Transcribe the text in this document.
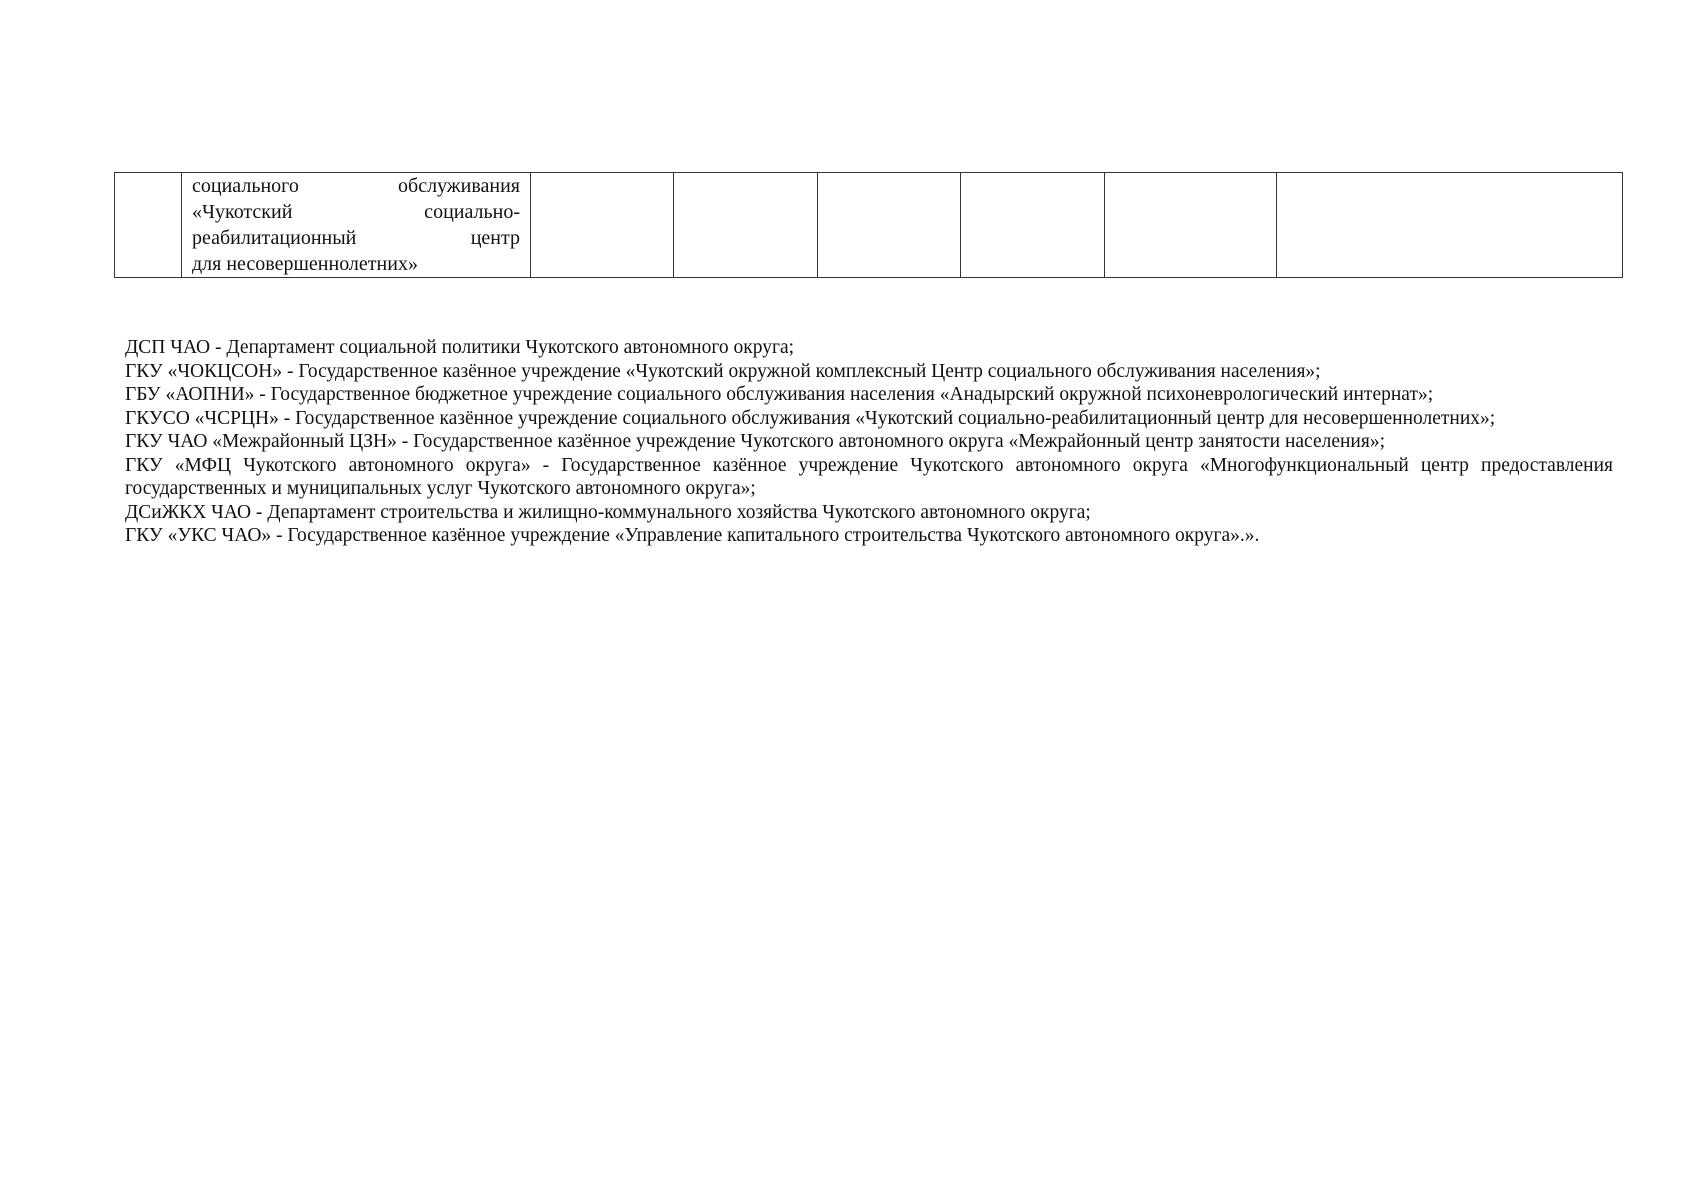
социального обслуживания
«Чукотский социально-
реабилитационный центр
для несовершеннолетних»

ДСП ЧАО - Департамент социальной политики Чукотского автономного округа;
ГКУ «ЧОКЦСОН» - Государственное казённое учреждение «Чукотский окружной комплексный Центр социального обслуживания населения»;
ГБУ «АОПНИ» - Государственное бюджетное учреждение социального обслуживания населения «Анадырский окружной психоневрологический интернат»;
ГКУСО «ЧСРЦН» - Государственное казённое учреждение социального обслуживания «Чукотский социально-реабилитационный центр для несовершеннолетних»;
ГКУ ЧАО «Межрайонный ЦЗН» - Государственное казённое учреждение Чукотского автономного округа «Межрайонный центр занятости населения»;
ГКУ «МФЦ Чукотского автономного округа» - Государственное казённое учреждение Чукотского автономного округа «Многофункциональный центр предоставления
государственных и муниципальных услуг Чукотского автономного округа»;
ДСиЖКХ ЧАО - Департамент строительства и жилищно-коммунального хозяйства Чукотского автономного округа;
ГКУ «УКС ЧАО» - Государственное казённое учреждение «Управление капитального строительства Чукотского автономного округа».».
